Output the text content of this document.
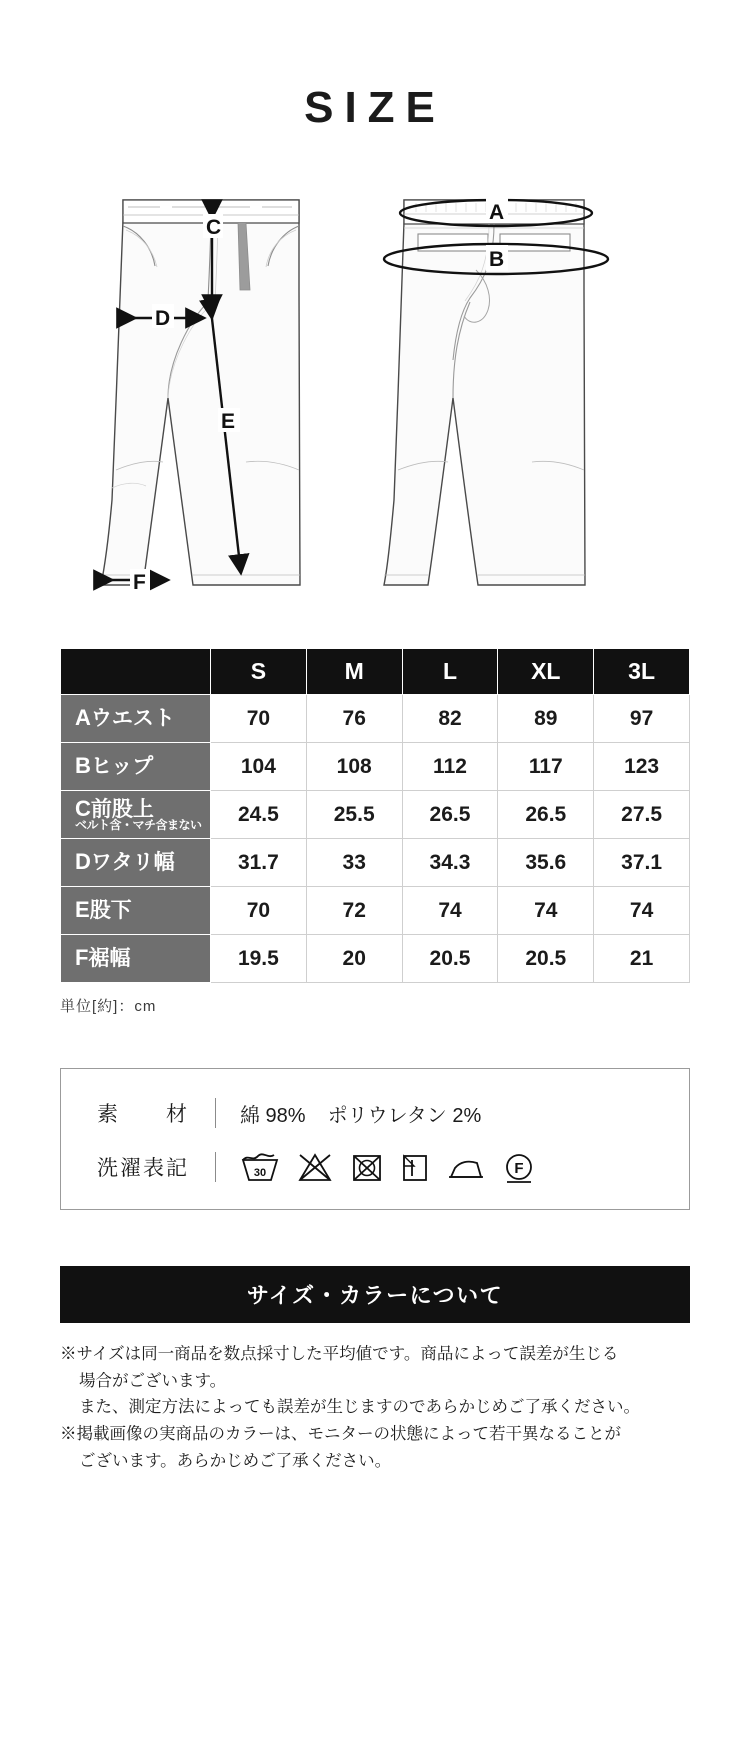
SIZE
C
D
E
F
A
B
	S	M	L	XL	3L
Aウエスト	70	76	82	89	97
Bヒップ	104	108	112	117	123
C前股上
ベルト含・マチ含まない	24.5	25.5	26.5	26.5	27.5
Dワタリ幅	31.7	33	34.3	35.6	37.1
E股下	70	72	74	74	74
F裾幅	19.5	20	20.5	20.5	21
単位[約]：cm
素　　材	綿 98% ポリウレタン 2%
洗濯表記	30	F
サイズ・カラーについて

※サイズは同一商品を数点採寸した平均値です。商品によって誤差が生じる

場合がございます。

また、測定方法によっても誤差が生じますのであらかじめご了承ください。

※掲載画像の実商品のカラーは、モニターの状態によって若干異なることが

ございます。あらかじめご了承ください。
